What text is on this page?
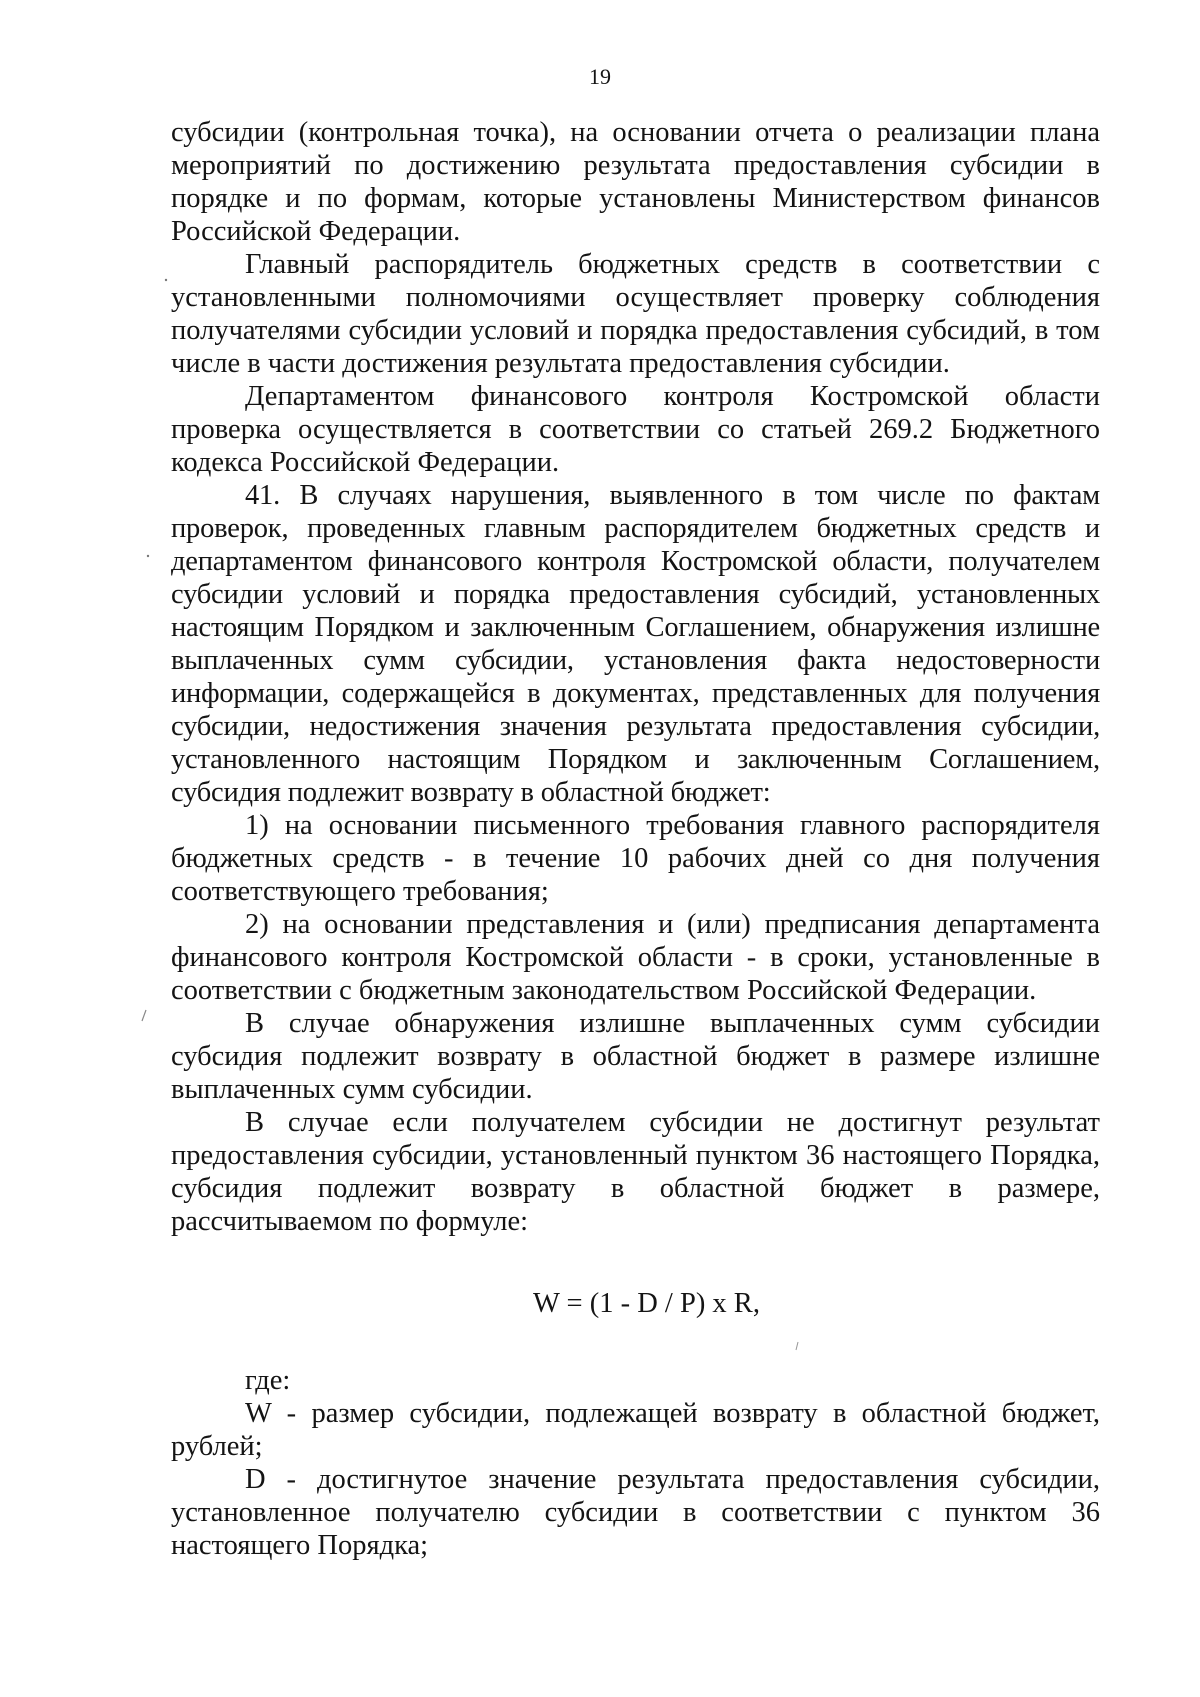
19

субсидии (контрольная точка), на основании отчета о реализации плана мероприятий по достижению результата предоставления субсидии в порядке и по формам, которые установлены Министерством финансов Российской Федерации.

Главный распорядитель бюджетных средств в соответствии с установленными полномочиями осуществляет проверку соблюдения получателями субсидии условий и порядка предоставления субсидий, в том числе в части достижения результата предоставления субсидии.

Департаментом финансового контроля Костромской области проверка осуществляется в соответствии со статьей 269.2 Бюджетного кодекса Российской Федерации.

41. В случаях нарушения, выявленного в том числе по фактам проверок, проведенных главным распорядителем бюджетных средств и департаментом финансового контроля Костромской области, получателем субсидии условий и порядка предоставления субсидий, установленных настоящим Порядком и заключенным Соглашением, обнаружения излишне выплаченных сумм субсидии, установления факта недостоверности информации, содержащейся в документах, представленных для получения субсидии, недостижения значения результата предоставления субсидии, установленного настоящим Порядком и заключенным Соглашением, субсидия подлежит возврату в областной бюджет:

1) на основании письменного требования главного распорядителя бюджетных средств - в течение 10 рабочих дней со дня получения соответствующего требования;

2) на основании представления и (или) предписания департамента финансового контроля Костромской области - в сроки, установленные в соответствии с бюджетным законодательством Российской Федерации.

В случае обнаружения излишне выплаченных сумм субсидии субсидия подлежит возврату в областной бюджет в размере излишне выплаченных сумм субсидии.

В случае если получателем субсидии не достигнут результат предоставления субсидии, установленный пунктом 36 настоящего Порядка, субсидия подлежит возврату в областной бюджет в размере, рассчитываемом по формуле:

W = (1 - D / P) x R,

где:

W - размер субсидии, подлежащей возврату в областной бюджет, рублей;

D - достигнутое значение результата предоставления субсидии, установленное получателю субсидии в соответствии с пунктом 36 настоящего Порядка;
